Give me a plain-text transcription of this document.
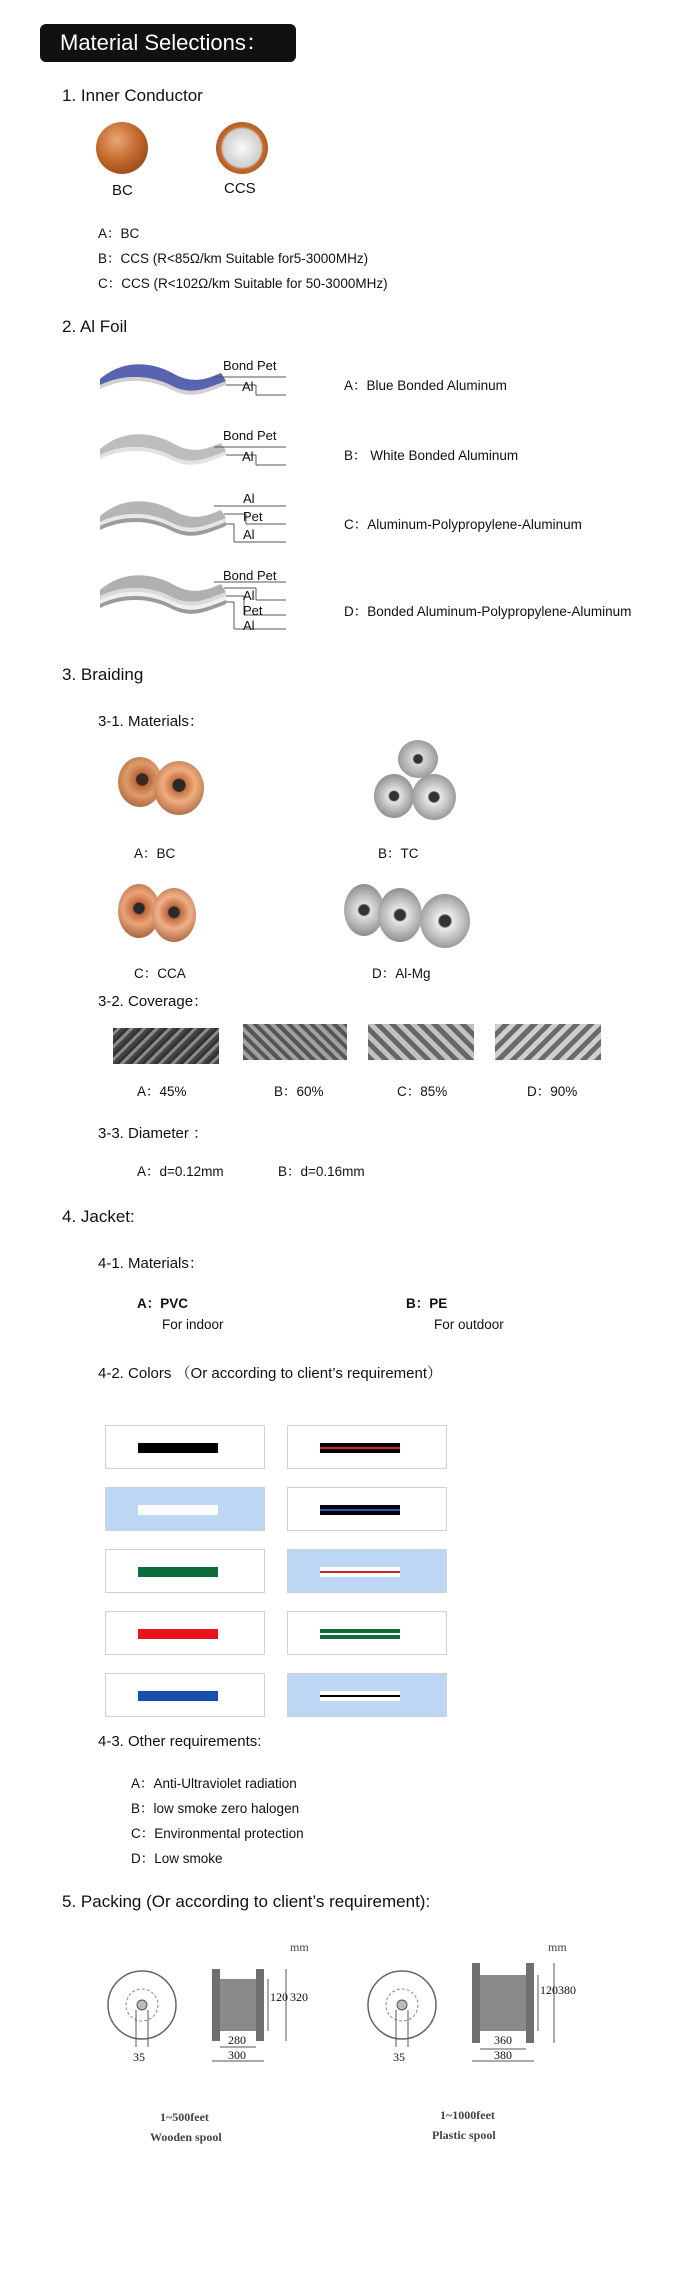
Material Selections：
1. Inner Conductor
BC	CCS
A：BC
B：CCS (R<85Ω/km Suitable for5-3000MHz)
C：CCS (R<102Ω/km Suitable for 50-3000MHz)
2. Al Foil
Bond Pet
Al	A：Blue Bonded Aluminum
Bond Pet
Al	B： White Bonded Aluminum
Al
Pet
Al
C：Aluminum-Polypropylene-Aluminum
Bond Pet
Al
Pet
Al
D：Bonded Aluminum-Polypropylene-Aluminum
3. Braiding
3-1. Materials：
A：BC	B：TC
C：CCA	D：Al-Mg
3-2. Coverage：
A：45%	B：60%	C：85%	D：90%
3-3. Diameter ：
A：d=0.12mm	B：d=0.16mm
4. Jacket:
4-1. Materials：
A：PVC
For indoor
B：PE
For outdoor
4-2. Colors （Or according to client’s requirement）
4-3. Other requirements:
A：Anti-Ultraviolet radiation
B：low smoke zero halogen
C：Environmental protection
D：Low smoke
5. Packing (Or according to client’s requirement):
mm
120 320
280
300
35
1~500feet
Wooden spool
mm
120 380
360
380
35
1~1000feet
Plastic spool
